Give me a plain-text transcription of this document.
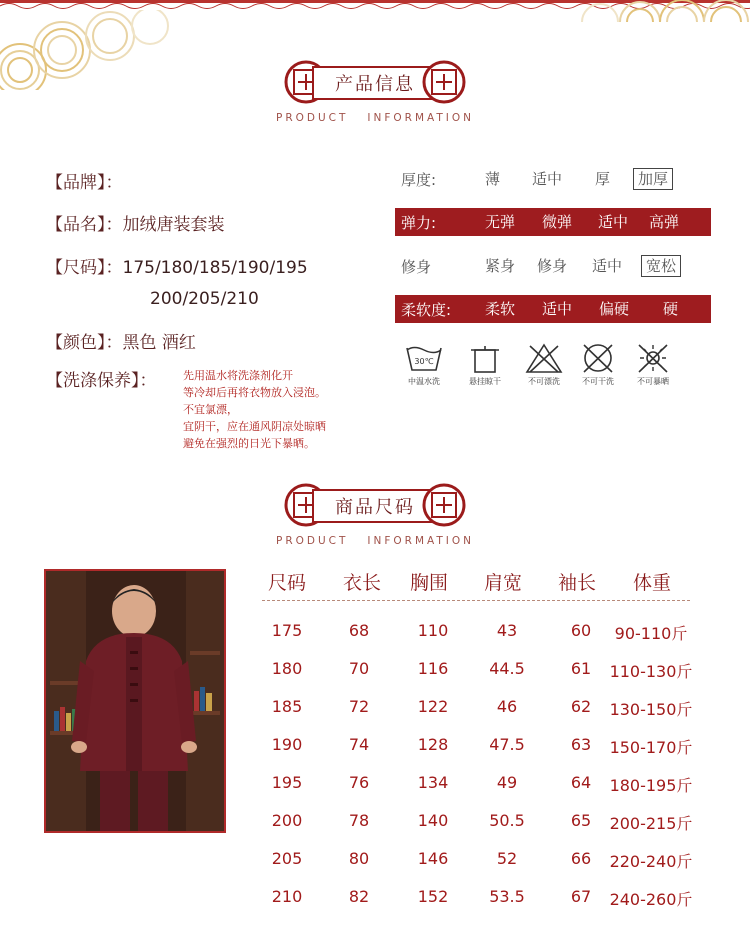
产品信息
PRODUCT   INFORMATION
【品牌】：
【品名】：加绒唐装套装
【尺码】：175/180/185/190/195
200/205/210
【颜色】：黑色 酒红
【洗涤保养】： 先用温水将洗涤剂化开
等冷却后再将衣物放入浸泡。
不宜氯漂，
宜阴干，应在通风阴凉处晾晒
避免在强烈的日光下暴晒。
厚度:	薄 适中 厚	加厚
弹力:	无弹 微弹 适中 高弹
修身	紧身 修身 适中	宽松
柔软度:	柔软 适中 偏硬 硬
30℃
中温水洗	悬挂晾干	不可漂洗	不可干洗	不可暴晒
商品尺码
PRODUCT   INFORMATION
尺码 衣长 胸围 肩宽 袖长 体重
175	68	110	43	60	90-110斤
180	70	116	44.5	61	110-130斤
185	72	122	46	62	130-150斤
190	74	128	47.5	63	150-170斤
195	76	134	49	64	180-195斤
200	78	140	50.5	65	200-215斤
205	80	146	52	66	220-240斤
210	82	152	53.5	67	240-260斤
